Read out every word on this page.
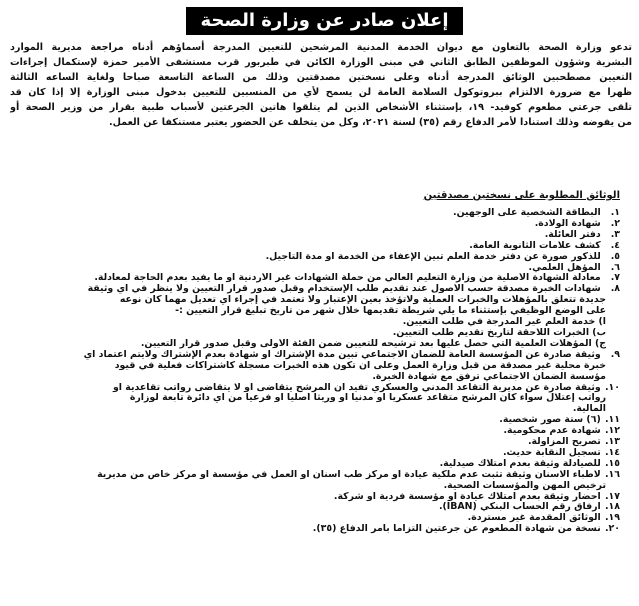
إعلان صادر عن وزارة الصحة
تدعو وزارة الصحة بالتعاون مع ديوان الخدمة المدنية المرشحين للتعيين المدرجة أسماؤهم أدناه مراجعة مديرية الموارد
البشرية وشؤون الموظفين الطابق الثاني في مبنى الوزارة الكائن في طبربور قرب مستشفى الأمير حمزة لإستكمال إجراءات
التعيين مصطحبين الوثائق المدرجة أدناه وعلى نسختين مصدقتين وذلك من الساعة التاسعة صباحا ولغاية الساعه الثالثة
ظهرا مع ضرورة الالتزام ببروتوكول السلامة العامة لن يسمح لأي من المنسبين للتعيين بدخول مبنى الوزارة إلا إذا كان قد
تلقى جرعتي مطعوم كوفيد- ١٩، بإستثناء الأشخاص الذين لم يتلقوا هاتين الجرعتين لأسباب طبية بقرار من وزير الصحة أو
من يفوضه وذلك استنادا لأمر الدفاع رقم (٣٥) لسنة ٢٠٢١، وكل من يتخلف عن الحضور يعتبر مستنكفا عن العمل.
الوثائق المطلوبة على نسختين مصدقتين
١. البطاقة الشخصية على الوجهين.
٢. شهادة الولادة.
٣. دفتر العائلة.
٤. كشف علامات الثانوية العامة.
٥. للذكور صورة عن دفتر خدمة العلم تبين الإعفاء من الخدمة أو مدة التأجيل.
٦. المؤهل العلمي.
٧. معادلة الشهادة الأصلية من وزارة التعليم العالي من حملة الشهادات غير الأردنية أو ما يفيد بعدم الحاجة لمعادلة.
٨. شهادات الخبرة مصدقة حسب الأصول عند تقديم طلب الإستخدام وقبل صدور قرار التعيين ولا ينظر في أي وثيقة
جديدة تتعلق بالمؤهلات والخبرات العملية ولاتؤخذ بعين الإعتبار ولا تعتمد في إجراء أي تعديل مهما كان نوعه
على الوضع الوظيفي بإستثناء ما يلي شريطة تقديمها خلال شهر من تاريخ تبليغ قرار التعيين :-
أ) خدمة العلم غير المدرجة في طلب التعيين.
ب) الخبرات اللاحقة لتاريخ تقديم طلب التعيين.
ج) المؤهلات العلمية التي حصل عليها بعد ترشيحه للتعيين ضمن الفئة الأولى وقبل صدور قرار التعيين.
٩. وثيقة صادرة عن المؤسسة العامة للضمان الاجتماعي تبين مدة الإشتراك أو شهادة بعدم الإشتراك ولايتم اعتماد أي
خبرة محلية غير مصدقة من قبل وزارة العمل وعلى ان تكون هذه الخبرات مسجلة كاشتراكات فعلية في قيود
مؤسسة الضمان الاجتماعي ترفق مع شهادة الخبرة.
١٠. وثيقة صادرة عن مديرية التقاعد المدني والعسكري تفيد أن المرشح يتقاضى أو لا يتقاضى رواتب تقاعدية أو
رواتب إعتلال سواء كان المرشح متقاعد عسكرياً أو مدنياً أو وريثاً أصلياً أو فرعياً من أي دائرة تابعة لوزارة
المالية.
١١. (٦) ستة صور شخصية.
١٢. شهادة عدم محكومية.
١٣. تصريح المزاولة.
١٤. تسجيل النقابة حديث.
١٥. للصيادلة وثيقة بعدم امتلاك صيدلية.
١٦. لاطباء الاسنان وثيقة تثبت عدم ملكية عيادة او مركز طب اسنان او العمل في مؤسسة او مركز خاص من مديرية
ترخيص المهن والمؤسسات الصحية.
١٧. احضار وثيقة بعدم امتلاك عيادة او مؤسسة فردية او شركة.
١٨. ارفاق رقم الحساب البنكي (IBAN).
١٩. الوثائق المقدمة غير مستردة.
٢٠. نسخة من شهادة المطعوم عن جرعتين التزاما بأمر الدفاع (٣٥).
